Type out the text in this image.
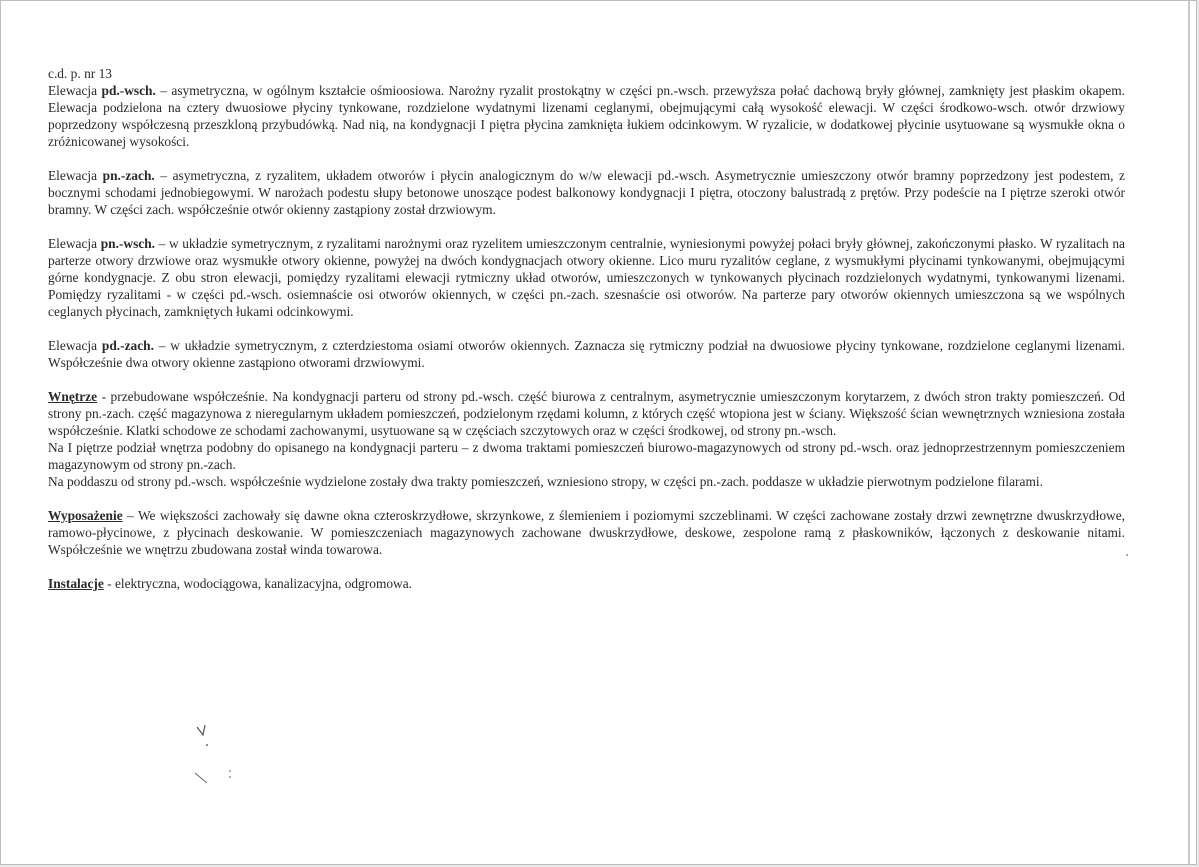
c.d. p. nr 13

Elewacja pd.-wsch. – asymetryczna, w ogólnym kształcie ośmioosiowa. Narożny ryzalit prostokątny w części pn.-wsch. przewyższa połać dachową bryły głównej, zamknięty jest płaskim okapem. Elewacja podzielona na cztery dwuosiowe płyciny tynkowane, rozdzielone wydatnymi lizenami ceglanymi, obejmującymi całą wysokość elewacji. W części środkowo-wsch. otwór drzwiowy poprzedzony współczesną przeszkloną przybudówką. Nad nią, na kondygnacji I piętra płycina zamknięta łukiem odcinkowym. W ryzalicie, w dodatkowej płycinie usytuowane są wysmukłe okna o zróżnicowanej wysokości.

Elewacja pn.-zach. – asymetryczna, z ryzalitem, układem otworów i płycin analogicznym do w/w elewacji pd.-wsch. Asymetrycznie umieszczony otwór bramny poprzedzony jest podestem, z bocznymi schodami jednobiegowymi. W narożach podestu słupy betonowe unoszące podest balkonowy kondygnacji I piętra, otoczony balustradą z prętów. Przy podeście na I piętrze szeroki otwór bramny. W części zach. współcześnie otwór okienny zastąpiony został drzwiowym.

Elewacja pn.-wsch. – w układzie symetrycznym, z ryzalitami narożnymi oraz ryzelitem umieszczonym centralnie, wyniesionymi powyżej połaci bryły głównej, zakończonymi płasko. W ryzalitach na parterze otwory drzwiowe oraz wysmukłe otwory okienne, powyżej na dwóch kondygnacjach otwory okienne. Lico muru ryzalitów ceglane, z wysmukłymi płycinami tynkowanymi, obejmującymi górne kondygnacje. Z obu stron elewacji, pomiędzy ryzalitami elewacji rytmiczny układ otworów, umieszczonych w tynkowanych płycinach rozdzielonych wydatnymi, tynkowanymi lizenami. Pomiędzy ryzalitami - w części pd.-wsch. osiemnaście osi otworów okiennych, w części pn.-zach. szesnaście osi otworów. Na parterze pary otworów okiennych umieszczona są we wspólnych ceglanych płycinach, zamkniętych łukami odcinkowymi.

Elewacja pd.-zach. – w układzie symetrycznym, z czterdziestoma osiami otworów okiennych. Zaznacza się rytmiczny podział na dwuosiowe płyciny tynkowane, rozdzielone ceglanymi lizenami. Współcześnie dwa otwory okienne zastąpiono otworami drzwiowymi.

Wnętrze - przebudowane współcześnie. Na kondygnacji parteru od strony pd.-wsch. część biurowa z centralnym, asymetrycznie umieszczonym korytarzem, z dwóch stron trakty pomieszczeń. Od strony pn.-zach. część magazynowa z nieregularnym układem pomieszczeń, podzielonym rzędami kolumn, z których część wtopiona jest w ściany. Większość ścian wewnętrznych wzniesiona została współcześnie. Klatki schodowe ze schodami zachowanymi, usytuowane są w częściach szczytowych oraz w części środkowej, od strony pn.-wsch.

Na I piętrze podział wnętrza podobny do opisanego na kondygnacji parteru – z dwoma traktami pomieszczeń biurowo-magazynowych od strony pd.-wsch. oraz jednoprzestrzennym pomieszczeniem magazynowym od strony pn.-zach.

Na poddaszu od strony pd.-wsch. współcześnie wydzielone zostały dwa trakty pomieszczeń, wzniesiono stropy, w części pn.-zach. poddasze w układzie pierwotnym podzielone filarami.

Wyposażenie – We większości zachowały się dawne okna czteroskrzydłowe, skrzynkowe, z ślemieniem i poziomymi szczeblinami. W części zachowane zostały drzwi zewnętrzne dwuskrzydłowe, ramowo-płycinowe, z płycinach deskowanie. W pomieszczeniach magazynowych zachowane dwuskrzydłowe, deskowe, zespolone ramą z płaskowników, łączonych z deskowanie nitami. Współcześnie we wnętrzu zbudowana został winda towarowa.

Instalacje - elektryczna, wodociągowa, kanalizacyjna, odgromowa.
